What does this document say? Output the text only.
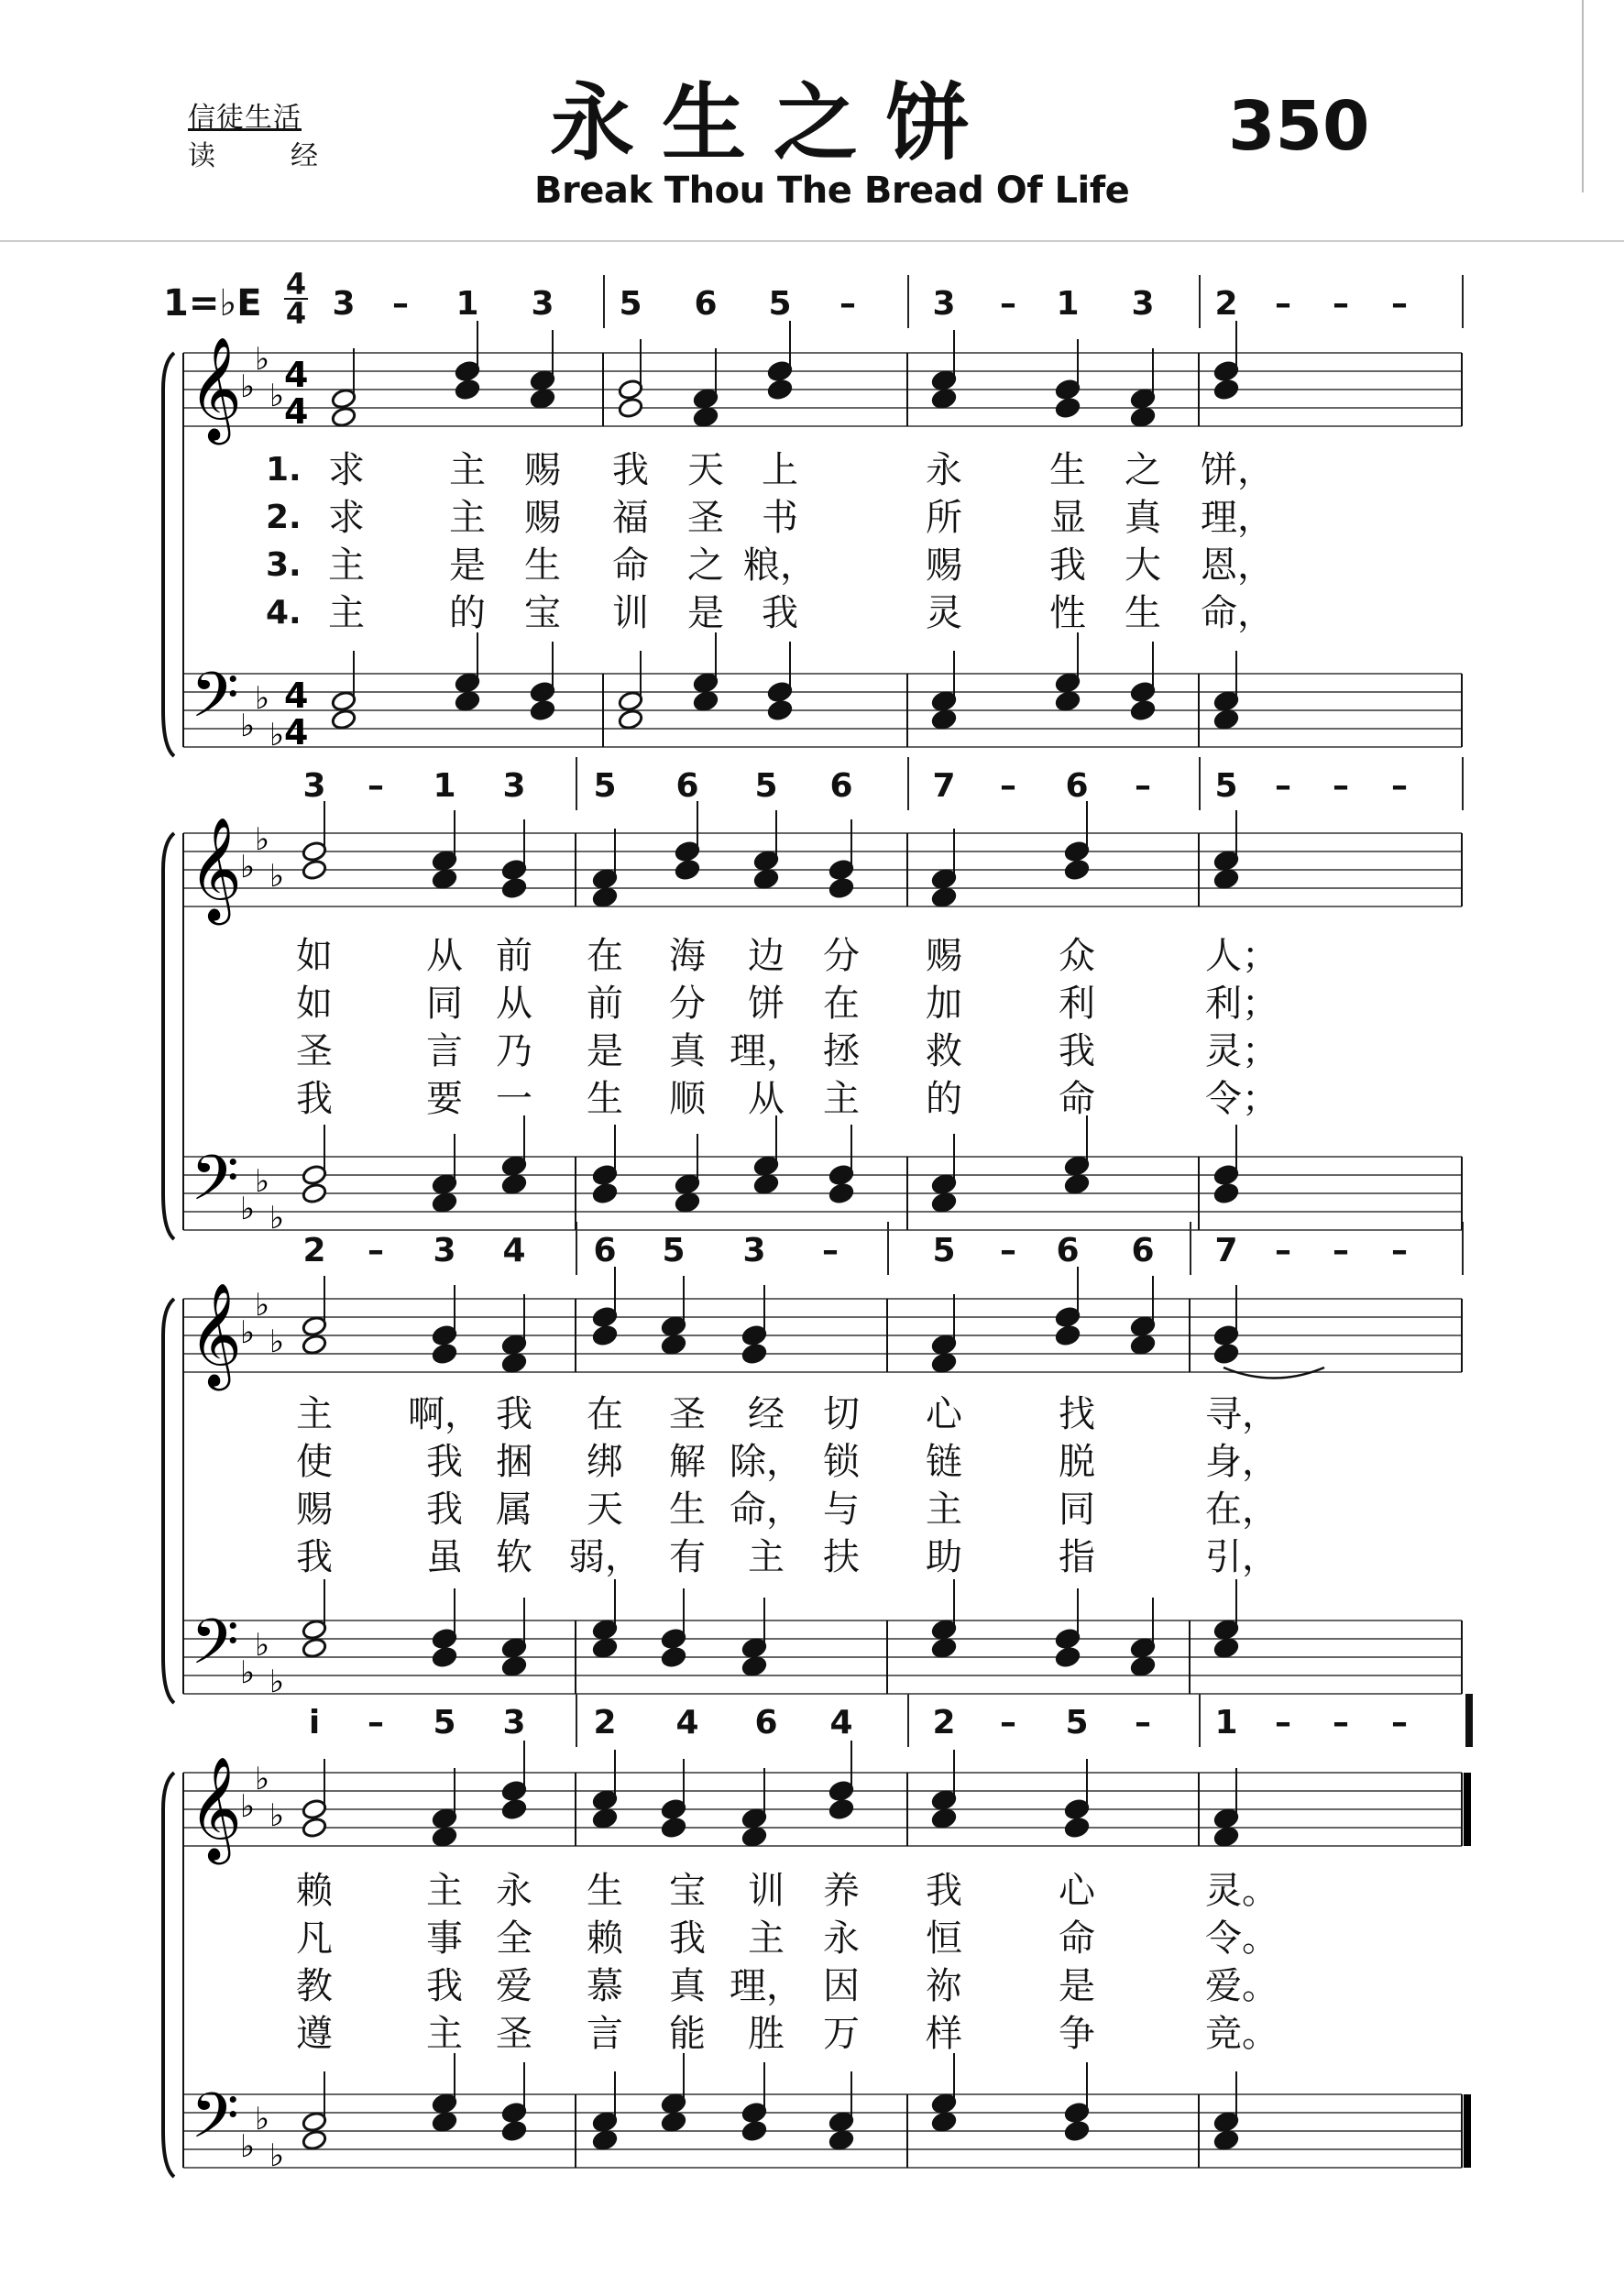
信徒生活
读	经	永生之饼
Break Thou The Bread Of Life
350
1=♭E 4
4 3 – 1 3 5 6 5 – 3 – 1 3 2 – – –
3 – 1 3 5 6 5 6 7 – 6 – 5 – – –
2 – 3 4 6 5 3 –	5 – 6 6 7 – – –
i – 5 3 2 4 6 4 2 – 5 – 1 – – –
1. 求 主 赐 我 天 上	永 生 之 饼，
2. 求 主 赐 福 圣 书	所 显 真 理，
3. 主 是 生 命 之 粮，	赐 我 大 恩，
4. 主 的 宝 训 是 我	灵 性 生 命，
如	从 前 在 海 边 分 赐	众	人；
如	同 从 前 分 饼 在 加	利	利；
圣	言 乃 是 真 理， 拯 救	我	灵；
我	要 一 生 顺 从 主 的	命	令；
主 啊， 我 在 圣 经 切 心	找	寻，
使	我 捆 绑 解 除， 锁 链	脱	身，
赐	我 属 天 生 命， 与 主	同	在，
我	虽 软 弱， 有 主 扶 助	指	引，
赖	主 永 生 宝 训 养 我	心	灵。
凡	事 全 赖 我 主 永 恒	命	令。
教	我 爱 慕 真 理， 因 祢	是	爱。
遵	主 圣 言 能 胜 万 样	争	竞。
𝄞
𝄢
♭
♭
♭
♭
♭
♭
4
4
4
4
𝄞
𝄢
♭
♭
♭
♭
♭
♭
𝄞
𝄢
♭
♭
♭
♭
♭
♭
𝄞
𝄢
♭
♭
♭
♭
♭
♭
